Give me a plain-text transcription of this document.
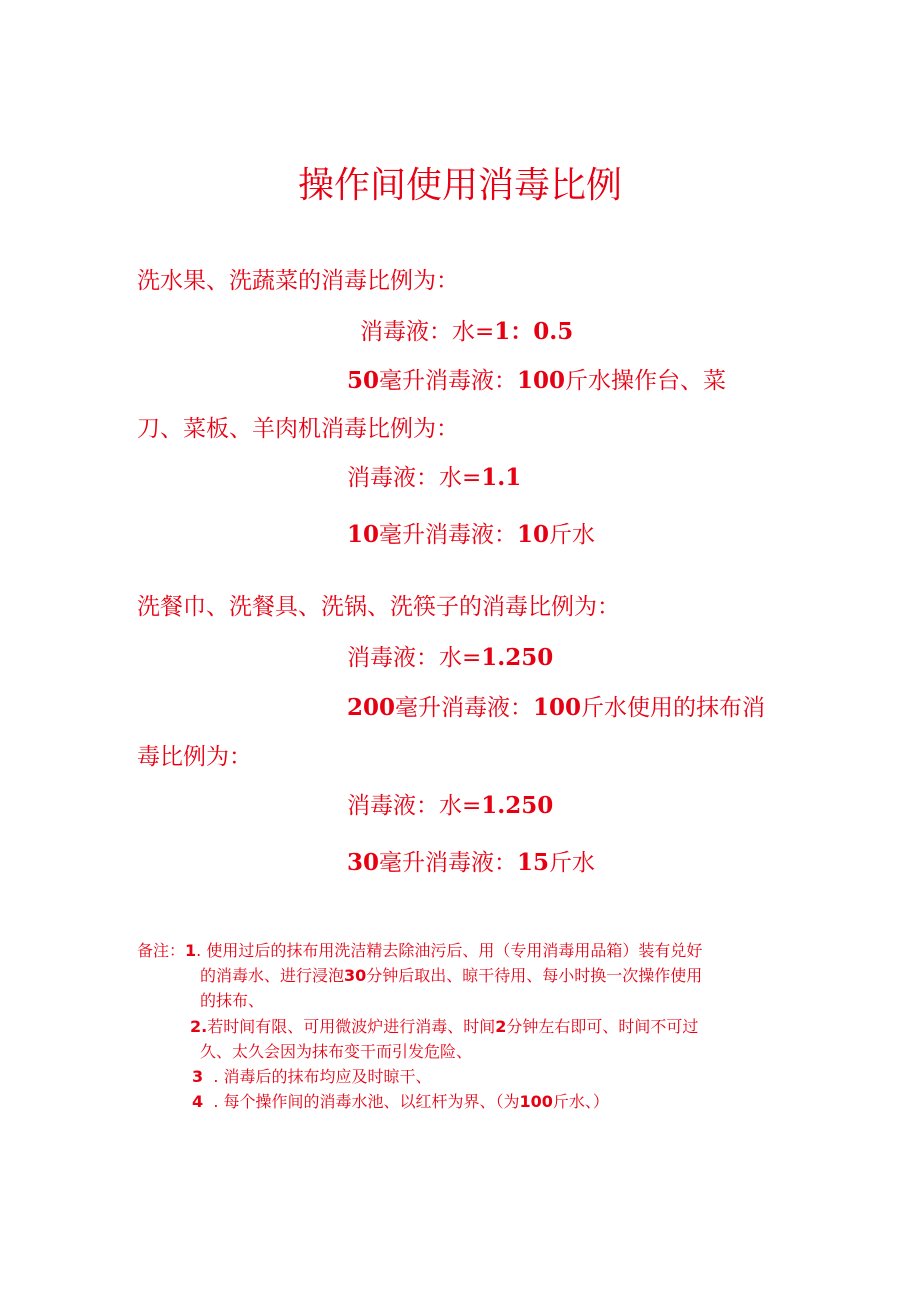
操作间使用消毒比例
洗水果、洗蔬菜的消毒比例为：
消毒液：水=1：0.5
50毫升消毒液：100斤水操作台、菜
刀、菜板、羊肉机消毒比例为：
消毒液：水=1.1
10毫升消毒液：10斤水
洗餐巾、洗餐具、洗锅、洗筷子的消毒比例为：
消毒液：水=1.250
200毫升消毒液：100斤水使用的抹布消
毒比例为：
消毒液：水=1.250
30毫升消毒液：15斤水
备注：1. 使用过后的抹布用洗洁精去除油污后、用（专用消毒用品箱）装有兑好
的消毒水、进行浸泡30分钟后取出、晾干待用、每小时换一次操作使用
的抹布、
2.若时间有限、可用微波炉进行消毒、时间2分钟左右即可、时间不可过
久、太久会因为抹布变干而引发危险、
3  . 消毒后的抹布均应及时晾干、
4  . 每个操作间的消毒水池、以红杆为界、（为100斤水、）
